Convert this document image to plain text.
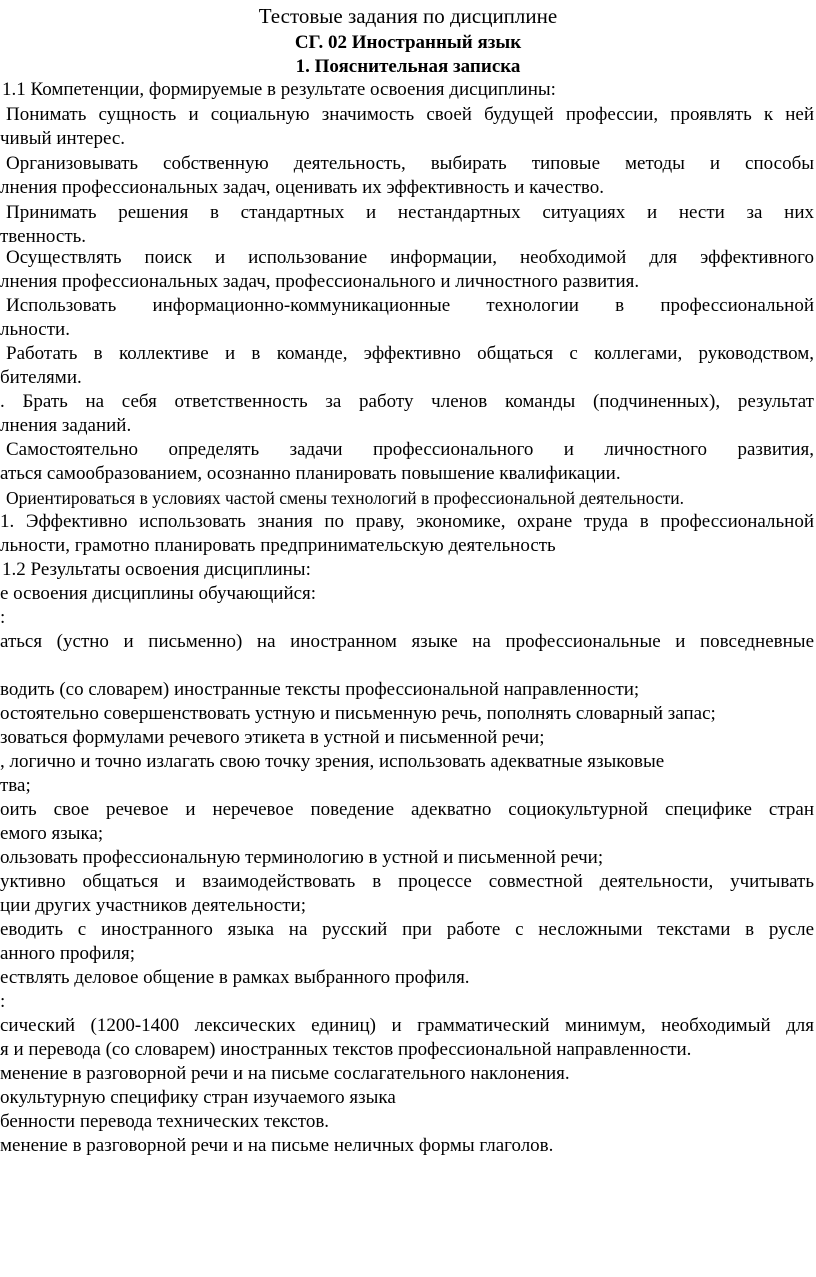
Тестовые задания по дисциплине
СГ. 02 Иностранный язык
1. Пояснительная записка
1.1 Компетенции, формируемые в результате освоения дисциплины:
Понимать сущность и социальную значимость своей будущей профессии, проявлять к ней
чивый интерес.
Организовывать собственную деятельность, выбирать типовые методы и способы
лнения профессиональных задач, оценивать их эффективность и качество.
Принимать решения в стандартных и нестандартных ситуациях и нести за них
твенность.
Осуществлять поиск и использование информации, необходимой для эффективного
лнения профессиональных задач, профессионального и личностного развития.
Использовать информационно-коммуникационные технологии в профессиональной
льности.
Работать в коллективе и в команде, эффективно общаться с коллегами, руководством,
бителями.
. Брать на себя ответственность за работу членов команды (подчиненных), результат
лнения заданий.
Самостоятельно определять задачи профессионального и личностного развития,
аться самообразованием, осознанно планировать повышение квалификации.
Ориентироваться в условиях частой смены технологий в профессиональной деятельности.
1. Эффективно использовать знания по праву, экономике, охране труда в профессиональной
льности, грамотно планировать предпринимательскую деятельность
1.2 Результаты освоения дисциплины:
е освоения дисциплины обучающийся:
:
аться (устно и письменно) на иностранном языке на профессиональные и повседневные
водить (со словарем) иностранные тексты профессиональной направленности;
остоятельно совершенствовать устную и письменную речь, пополнять словарный запас;
зоваться формулами речевого этикета в устной и письменной речи;
, логично и точно излагать свою точку зрения, использовать адекватные языковые
тва;
оить свое речевое и неречевое поведение адекватно социокультурной специфике стран
емого языка;
ользовать профессиональную терминологию в устной и письменной речи;
уктивно общаться и взаимодействовать в процессе совместной деятельности, учитывать
ции других участников деятельности;
еводить с иностранного языка на русский при работе с несложными текстами в русле
анного профиля;
ествлять деловое общение в рамках выбранного профиля.
:
сический (1200-1400 лексических единиц) и грамматический минимум, необходимый для
я и перевода (со словарем) иностранных текстов профессиональной направленности.
менение в разговорной речи и на письме сослагательного наклонения.
окультурную специфику стран изучаемого языка
бенности перевода технических текстов.
менение в разговорной речи и на письме неличных формы глаголов.
